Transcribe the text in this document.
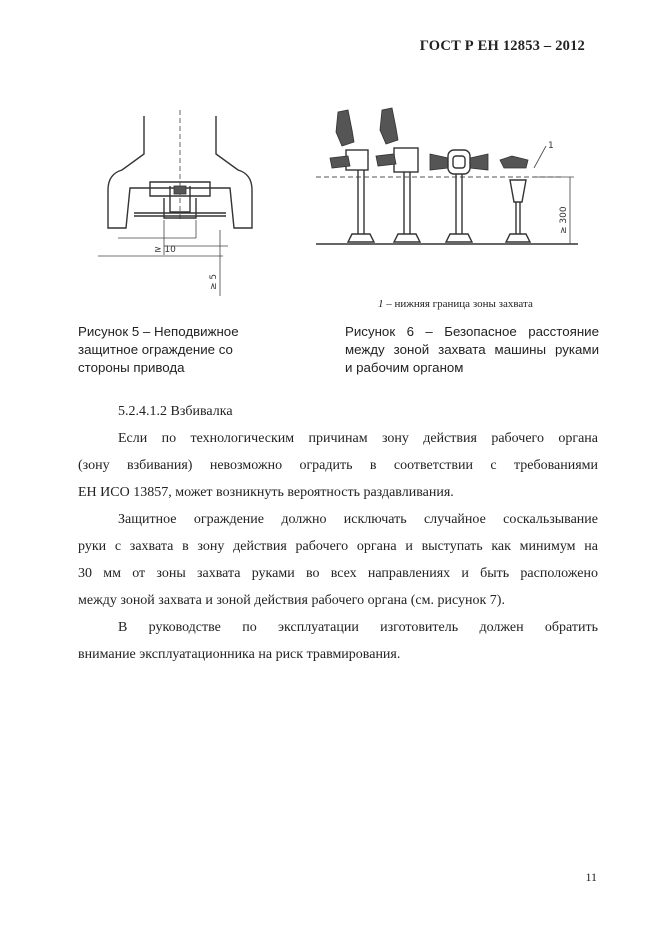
ГОСТ Р ЕН 12853 – 2012
≥ 10
≥ 5
1
≥ 300
1 – нижняя граница зоны захвата
Рисунок 5 – Неподвижное
защитное ограждение со
стороны привода
Рисунок 6 – Безопасное расстояние
между зоной захвата машины руками
и рабочим органом
5.2.4.1.2 Взбивалка
Если по технологическим причинам зону действия рабочего органа
(зону взбивания) невозможно оградить в соответствии с требованиями
ЕН ИСО 13857, может возникнуть вероятность раздавливания.
Защитное ограждение должно исключать случайное соскальзывание
руки с захвата в зону действия рабочего органа и выступать как минимум на
30 мм от зоны захвата руками во всех направлениях и быть расположено
между зоной захвата и зоной действия рабочего органа (см. рисунок 7).
В руководстве по эксплуатации изготовитель должен обратить
внимание эксплуатационника на риск травмирования.
11
